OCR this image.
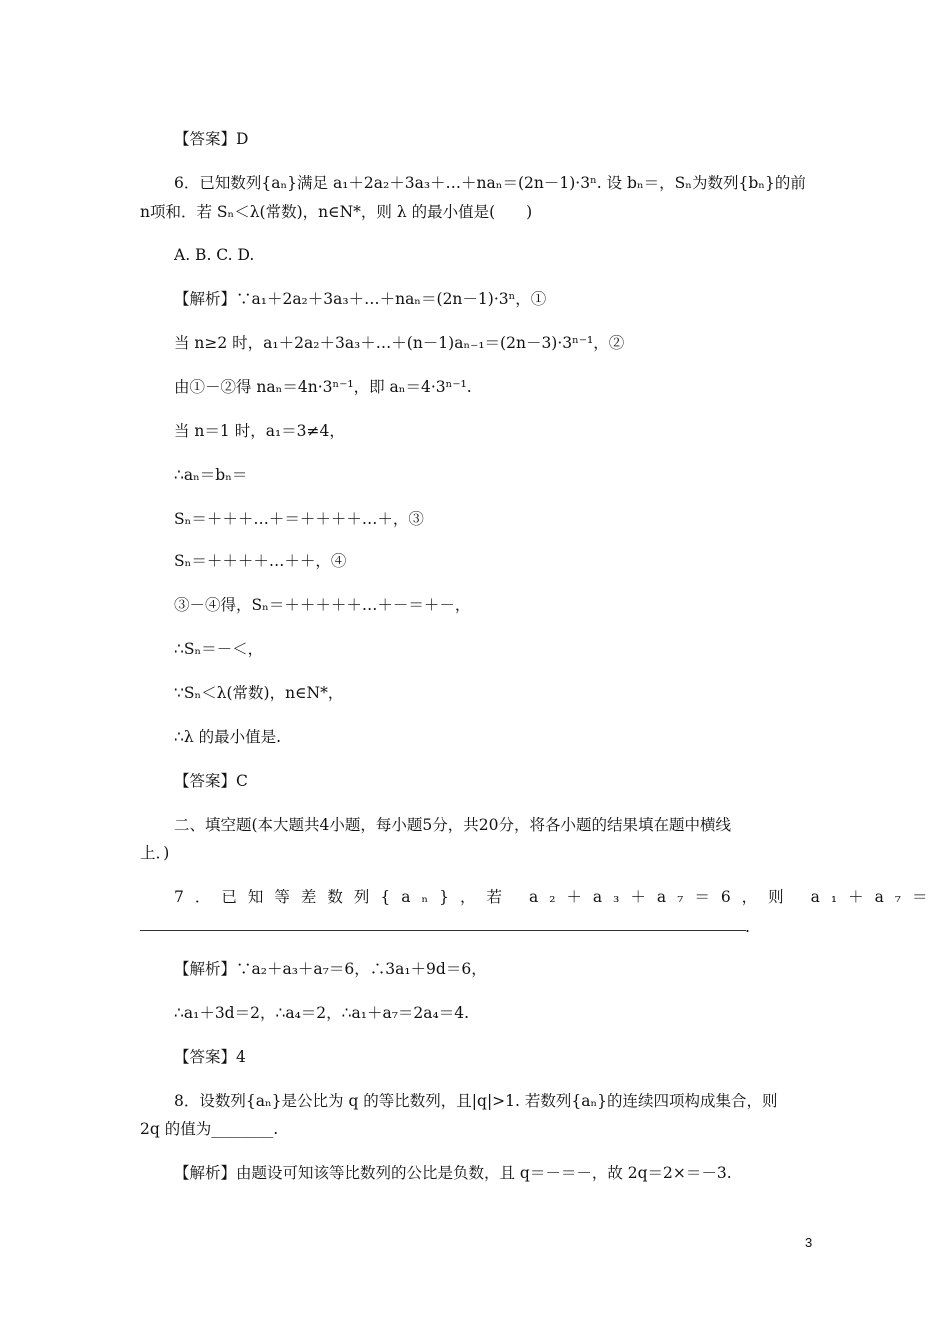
【答案】D
6．已知数列{aₙ}满足 a₁＋2a₂＋3a₃＋…＋naₙ＝(2n－1)·3ⁿ. 设 bₙ＝，Sₙ为数列{bₙ}的前
n项和．若 Sₙ＜λ(常数)，n∈N*，则 λ 的最小值是(　　)
A. B. C. D.
【解析】∵a₁＋2a₂＋3a₃＋…＋naₙ＝(2n－1)·3ⁿ，①
当 n≥2 时，a₁＋2a₂＋3a₃＋…＋(n－1)aₙ₋₁＝(2n－3)·3ⁿ⁻¹，②
由①－②得 naₙ＝4n·3ⁿ⁻¹，即 aₙ＝4·3ⁿ⁻¹.
当 n＝1 时，a₁＝3≠4，
∴aₙ＝bₙ＝
Sₙ＝＋＋＋…＋＝＋＋＋＋…＋，③
Sₙ＝＋＋＋＋…＋＋，④
③－④得，Sₙ＝＋＋＋＋＋…＋－＝＋－，
∴Sₙ＝－＜，
∵Sₙ＜λ(常数)，n∈N*，
∴λ 的最小值是.
【答案】C
二、填空题(本大题共4小题，每小题5分，共20分，将各小题的结果填在题中横线
上．)
7．已知等差数列{aₙ}，若 a₂＋a₃＋a₇＝6，则 a₁＋a₇＝
.
【解析】∵a₂＋a₃＋a₇＝6，∴3a₁＋9d＝6，
∴a₁＋3d＝2，∴a₄＝2，∴a₁＋a₇＝2a₄＝4.
【答案】4
8．设数列{aₙ}是公比为 q 的等比数列，且|q|>1. 若数列{aₙ}的连续四项构成集合，则
2q 的值为________.
【解析】由题设可知该等比数列的公比是负数，且 q＝－＝－，故 2q＝2×＝－3.
3
